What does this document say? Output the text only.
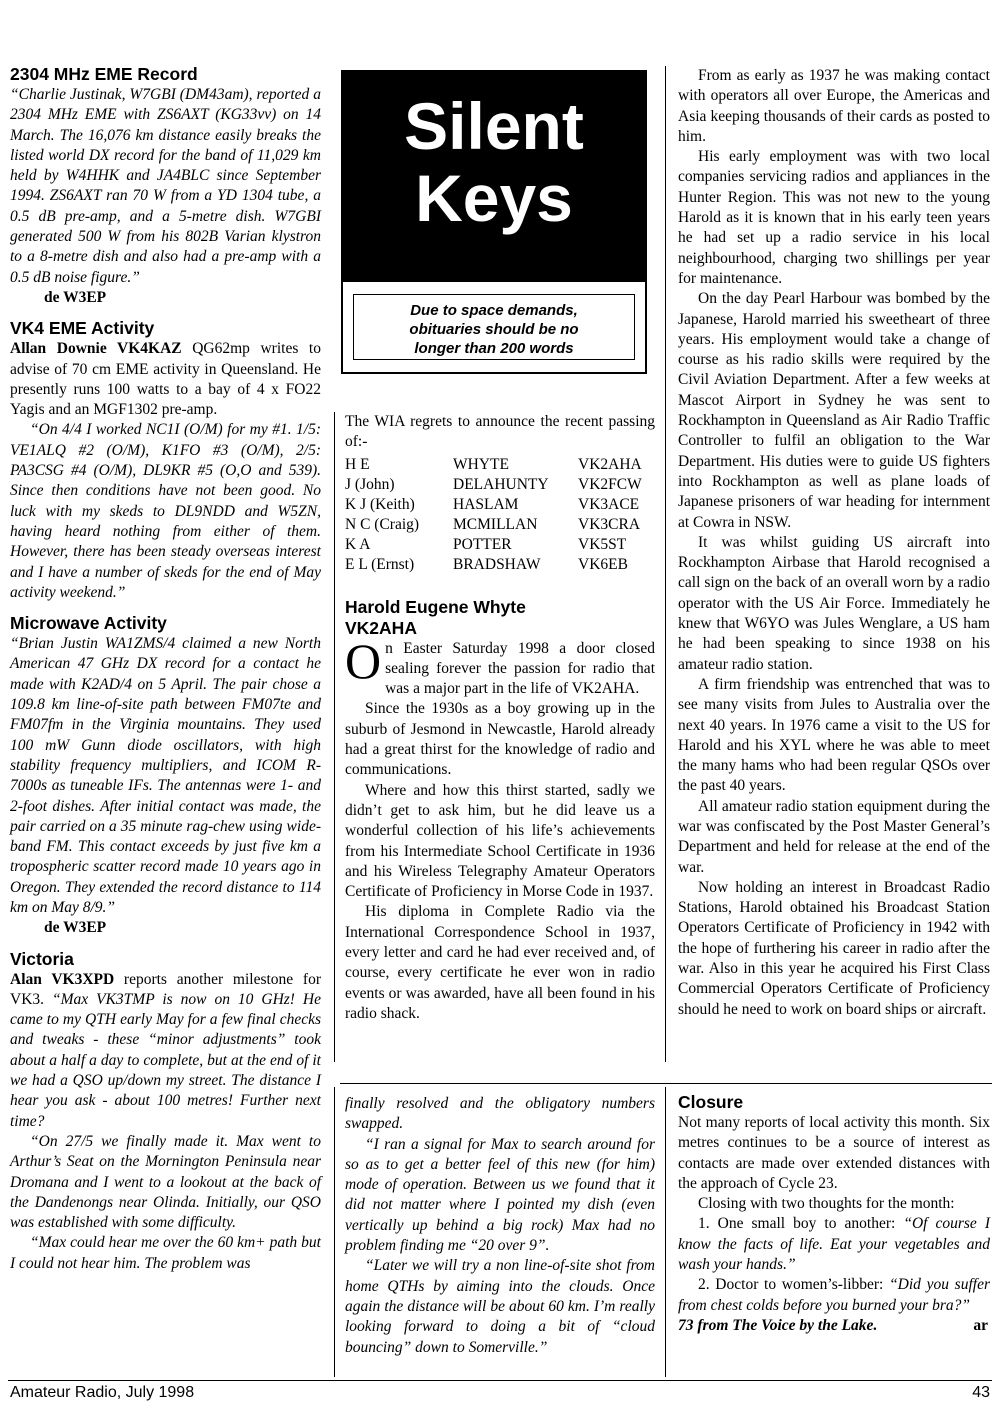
2304 MHz EME Record

“Charlie Justinak, W7GBI (DM43am), reported a 2304 MHz EME with ZS6AXT (KG33vv) on 14 March. The 16,076 km distance easily breaks the listed world DX record for the band of 11,029 km held by W4HHK and JA4BLC since September 1994. ZS6AXT ran 70 W from a YD 1304 tube, a 0.5 dB pre-amp, and a 5-metre dish. W7GBI generated 500 W from his 802B Varian klystron to a 8-metre dish and also had a pre-amp with a 0.5 dB noise figure.”

de W3EP

VK4 EME Activity

Allan Downie VK4KAZ QG62mp writes to advise of 70 cm EME activity in Queensland. He presently runs 100 watts to a bay of 4 x FO22 Yagis and an MGF1302 pre-amp.

“On 4/4 I worked NC1I (O/M) for my #1. 1/5: VE1ALQ #2 (O/M), K1FO #3 (O/M), 2/5: PA3CSG #4 (O/M), DL9KR #5 (O,O and 539). Since then conditions have not been good. No luck with my skeds to DL9NDD and W5ZN, having heard nothing from either of them. However, there has been steady overseas interest and I have a number of skeds for the end of May activity weekend.”

Microwave Activity

“Brian Justin WA1ZMS/4 claimed a new North American 47 GHz DX record for a contact he made with K2AD/4 on 5 April. The pair chose a 109.8 km line-of-site path between FM07te and FM07fm in the Virginia mountains. They used 100 mW Gunn diode oscillators, with high stability frequency multipliers, and ICOM R-7000s as tuneable IFs. The antennas were 1- and 2-foot dishes. After initial contact was made, the pair carried on a 35 minute rag-chew using wide-band FM. This contact exceeds by just five km a tropospheric scatter record made 10 years ago in Oregon. They extended the record distance to 114 km on May 8/9.”

de W3EP

Victoria

Alan VK3XPD reports another milestone for VK3. “Max VK3TMP is now on 10 GHz! He came to my QTH early May for a few final checks and tweaks - these “minor adjustments” took about a half a day to complete, but at the end of it we had a QSO up/down my street. The distance I hear you ask - about 100 metres! Further next time?

“On 27/5 we finally made it. Max went to Arthur’s Seat on the Mornington Peninsula near Dromana and I went to a lookout at the back of the Dandenongs near Olinda. Initially, our QSO was established with some difficulty.

“Max could hear me over the 60 km+ path but I could not hear him. The problem was

Silent
Keys
Due to space demands,
obituaries should be no
longer than 200 words

The WIA regrets to announce the recent passing of:-

H E	WHYTE	VK2AHA
J (John)	DELAHUNTY	VK2FCW
K J (Keith)	HASLAM	VK3ACE
N C (Craig)	MCMILLAN	VK3CRA
K A	POTTER	VK5ST
E L (Ernst)	BRADSHAW	VK6EB
Harold Eugene Whyte
VK2AHA

On Easter Saturday 1998 a door closed sealing forever the passion for radio that was a major part in the life of VK2AHA.

Since the 1930s as a boy growing up in the suburb of Jesmond in Newcastle, Harold already had a great thirst for the knowledge of radio and communications.

Where and how this thirst started, sadly we didn’t get to ask him, but he did leave us a wonderful collection of his life’s achievements from his Intermediate School Certificate in 1936 and his Wireless Telegraphy Amateur Operators Certificate of Proficiency in Morse Code in 1937.

His diploma in Complete Radio via the International Correspondence School in 1937, every letter and card he had ever received and, of course, every certificate he ever won in radio events or was awarded, have all been found in his radio shack.

From as early as 1937 he was making contact with operators all over Europe, the Americas and Asia keeping thousands of their cards as posted to him.

His early employment was with two local companies servicing radios and appliances in the Hunter Region. This was not new to the young Harold as it is known that in his early teen years he had set up a radio service in his local neighbourhood, charging two shillings per year for maintenance.

On the day Pearl Harbour was bombed by the Japanese, Harold married his sweetheart of three years. His employment would take a change of course as his radio skills were required by the Civil Aviation Department. After a few weeks at Mascot Airport in Sydney he was sent to Rockhampton in Queensland as Air Radio Traffic Controller to fulfil an obligation to the War Department. His duties were to guide US fighters into Rockhampton as well as plane loads of Japanese prisoners of war heading for internment at Cowra in NSW.

It was whilst guiding US aircraft into Rockhampton Airbase that Harold recognised a call sign on the back of an overall worn by a radio operator with the US Air Force. Immediately he knew that W6YO was Jules Wenglare, a US ham he had been speaking to since 1938 on his amateur radio station.

A firm friendship was entrenched that was to see many visits from Jules to Australia over the next 40 years. In 1976 came a visit to the US for Harold and his XYL where he was able to meet the many hams who had been regular QSOs over the past 40 years.

All amateur radio station equipment during the war was confiscated by the Post Master General’s Department and held for release at the end of the war.

Now holding an interest in Broadcast Radio Stations, Harold obtained his Broadcast Station Operators Certificate of Proficiency in 1942 with the hope of furthering his career in radio after the war. Also in this year he acquired his First Class Commercial Operators Certificate of Proficiency should he need to work on board ships or aircraft.

finally resolved and the obligatory numbers swapped.

“I ran a signal for Max to search around for so as to get a better feel of this new (for him) mode of operation. Between us we found that it did not matter where I pointed my dish (even vertically up behind a big rock) Max had no problem finding me “20 over 9”.

“Later we will try a non line-of-site shot from home QTHs by aiming into the clouds. Once again the distance will be about 60 km. I’m really looking forward to doing a bit of “cloud bouncing” down to Somerville.”

Closure

Not many reports of local activity this month. Six metres continues to be a source of interest as contacts are made over extended distances with the approach of Cycle 23.

Closing with two thoughts for the month:

1. One small boy to another: “Of course I know the facts of life. Eat your vegetables and wash your hands.”

2. Doctor to women’s-libber: “Did you suffer from chest colds before you burned your bra?”

73 from The Voice by the Lake.	ar

Amateur Radio, July 1998	43
